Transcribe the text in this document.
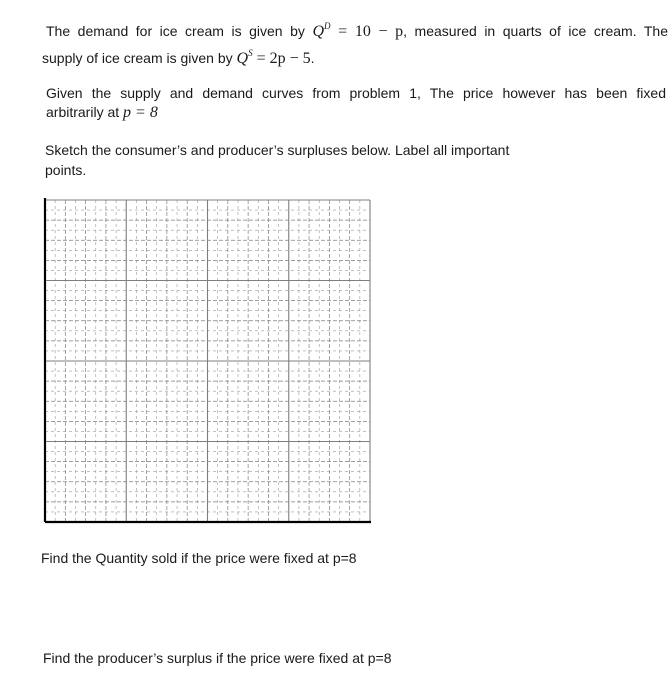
The demand for ice cream is given by $Q^D = 10 - p$, measured in quarts of ice cream. The
supply of ice cream is given by $Q^S = 2p - 5$.
Given the supply and demand curves from problem 1, The price however has been fixed
arbitrarily at p = 8
Sketch the consumer’s and producer’s surpluses below. Label all important
points.
Find the Quantity sold if the price were fixed at p=8
Find the producer’s surplus if the price were fixed at p=8
